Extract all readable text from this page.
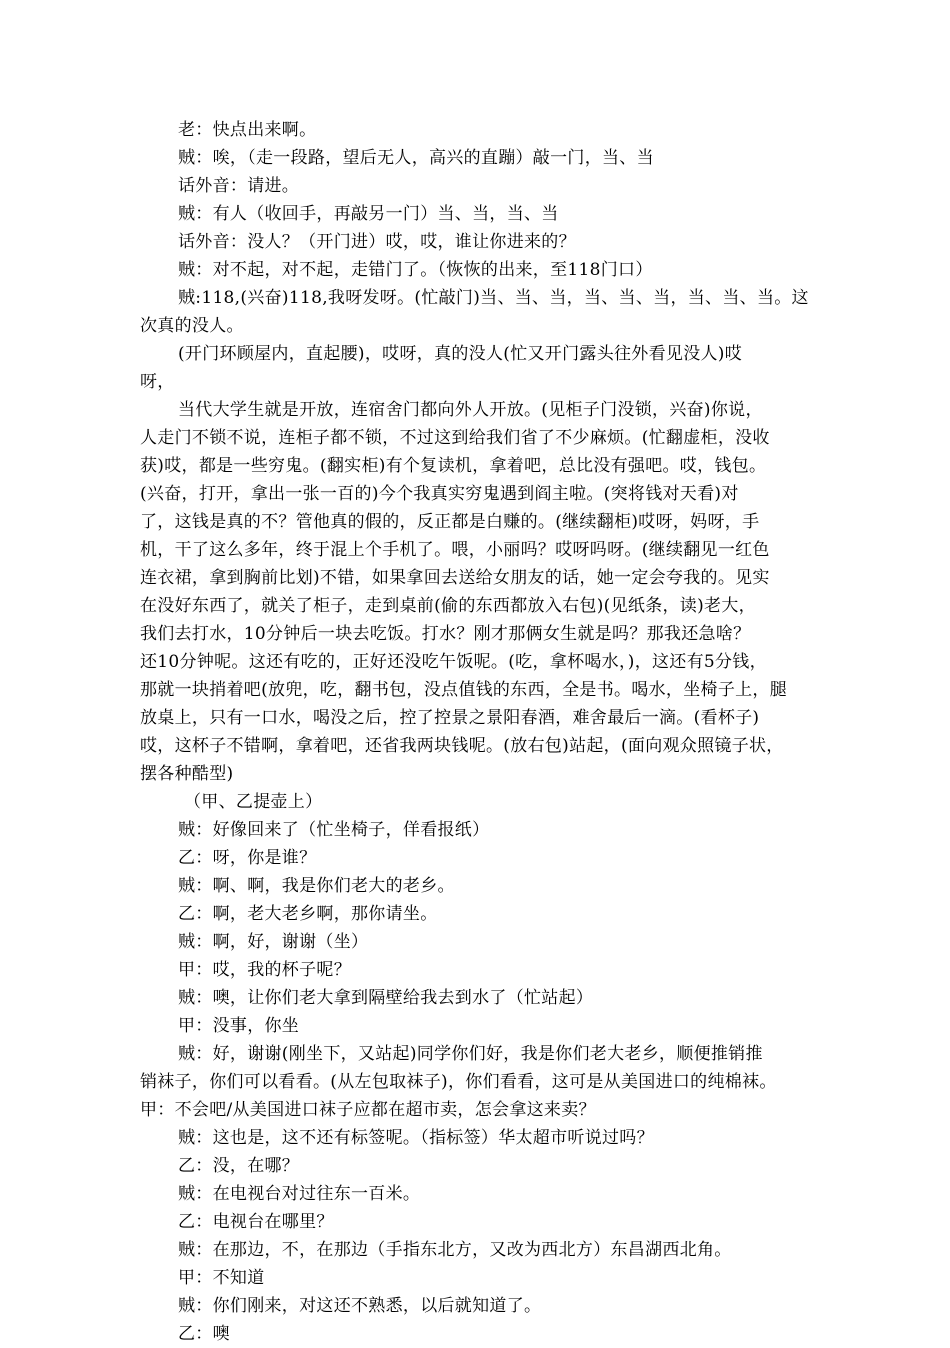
老：快点出来啊。
贼：唉，（走一段路，望后无人，高兴的直蹦）敲一门，当、当
话外音：请进。
贼：有人（收回手，再敲另一门）当、当，当、当
话外音：没人？（开门进）哎，哎，谁让你进来的？
贼：对不起，对不起，走错门了。（恢恢的出来，至118门口）
贼:118,(兴奋)118,我呀发呀。(忙敲门)当、当、当，当、当、当，当、当、当。这
次真的没人。
(开门环顾屋内，直起腰)，哎呀，真的没人(忙又开门露头往外看见没人)哎
呀，
当代大学生就是开放，连宿舍门都向外人开放。(见柜子门没锁，兴奋)你说，
人走门不锁不说，连柜子都不锁，不过这到给我们省了不少麻烦。(忙翻虚柜，没收
获)哎，都是一些穷鬼。(翻实柜)有个复读机，拿着吧，总比没有强吧。哎，钱包。
(兴奋，打开，拿出一张一百的)今个我真实穷鬼遇到阎主啦。(突将钱对天看)对
了，这钱是真的不？管他真的假的，反正都是白赚的。(继续翻柜)哎呀，妈呀，手
机，干了这么多年，终于混上个手机了。喂，小丽吗？哎呀吗呀。(继续翻见一红色
连衣裙，拿到胸前比划)不错，如果拿回去送给女朋友的话，她一定会夸我的。见实
在没好东西了，就关了柜子，走到桌前(偷的东西都放入右包)(见纸条，读)老大，
我们去打水，10分钟后一块去吃饭。打水？刚才那俩女生就是吗？那我还急啥？
还10分钟呢。这还有吃的，正好还没吃午饭呢。(吃，拿杯喝水，)，这还有5分钱，
那就一块捎着吧(放兜，吃，翻书包，没点值钱的东西，全是书。喝水，坐椅子上，腿
放桌上，只有一口水，喝没之后，控了控景之景阳春酒，难舍最后一滴。(看杯子)
哎，这杯子不错啊，拿着吧，还省我两块钱呢。(放右包)站起，(面向观众照镜子状，
摆各种酷型)
（甲、乙提壶上）
贼：好像回来了（忙坐椅子，佯看报纸）
乙：呀，你是谁？
贼：啊、啊，我是你们老大的老乡。
乙：啊，老大老乡啊，那你请坐。
贼：啊，好，谢谢（坐）
甲：哎，我的杯子呢？
贼：噢，让你们老大拿到隔壁给我去到水了（忙站起）
甲：没事，你坐
贼：好，谢谢(刚坐下，又站起)同学你们好，我是你们老大老乡，顺便推销推
销袜子，你们可以看看。(从左包取袜子)，你们看看，这可是从美国进口的纯棉袜。
甲：不会吧/从美国进口袜子应都在超市卖，怎会拿这来卖？
贼：这也是，这不还有标签呢。（指标签）华太超市听说过吗？
乙：没，在哪？
贼：在电视台对过往东一百米。
乙：电视台在哪里？
贼：在那边，不，在那边（手指东北方，又改为西北方）东昌湖西北角。
甲：不知道
贼：你们刚来，对这还不熟悉，以后就知道了。
乙：噢
